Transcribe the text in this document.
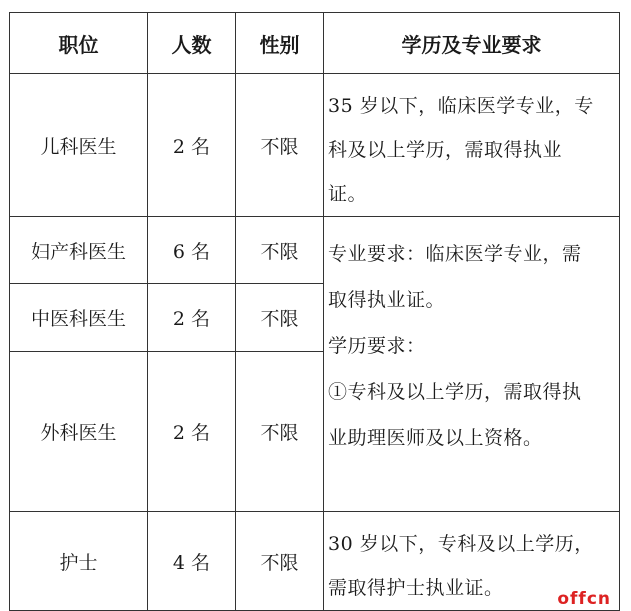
职位	人数	性别	学历及专业要求
儿科医生	2 名	不限	35 岁以下，临床医学专业，专
科及以上学历，需取得执业
证。

妇产科医生	6 名	不限	专业要求：临床医学专业，需
取得执业证。
学历要求：
①专科及以上学历，需取得执
业助理医师及以上资格。

中医科医生	2 名	不限	
外科医生	2 名	不限	
护士	4 名	不限	30 岁以下，专科及以上学历，
需取得护士执业证。	offcn
